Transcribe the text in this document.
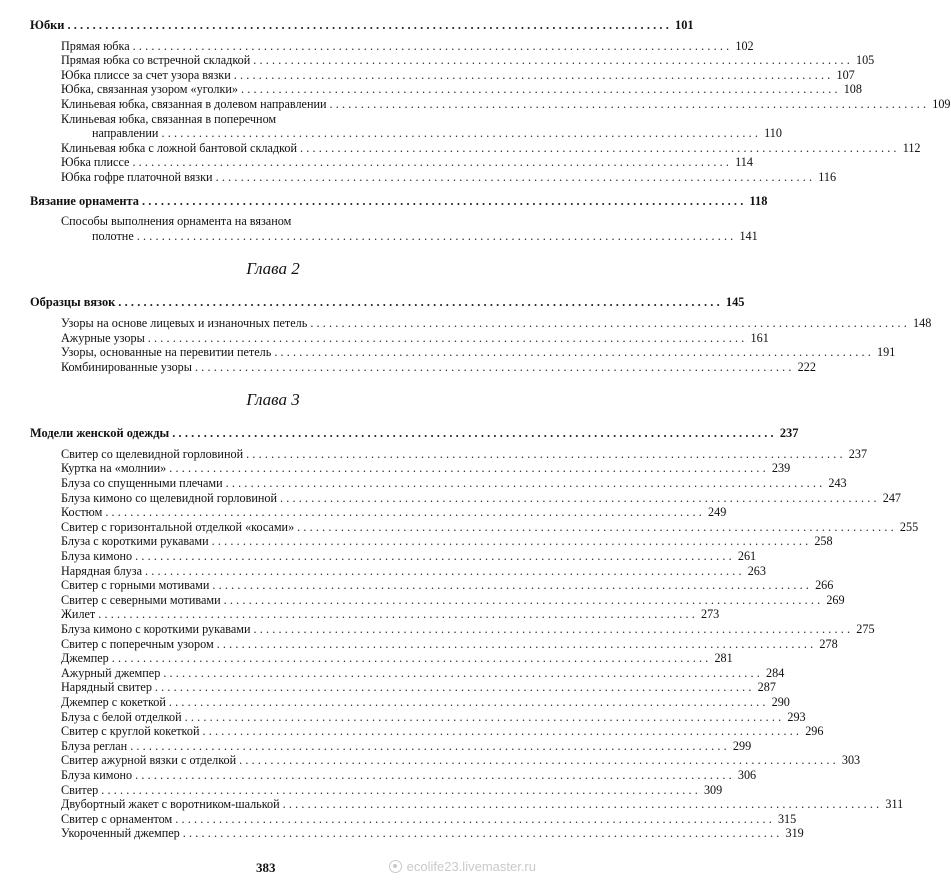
Юбки ................................................................................................ 101
Прямая юбка ................................................................................................ 102
Прямая юбка со встречной складкой ................................................................................................ 105
Юбка плиссе за счет узора вязки ................................................................................................ 107
Юбка, связанная узором «уголки» ................................................................................................ 108
Клиньевая юбка, связанная в долевом направлении ................................................................................................ 109
Клиньевая юбка, связанная в поперечном
направлении ................................................................................................ 110
Клиньевая юбка с ложной бантовой складкой ................................................................................................ 112
Юбка плиссе ................................................................................................ 114
Юбка гофре платочной вязки ................................................................................................ 116
Вязание орнамента ................................................................................................ 118
Способы выполнения орнамента на вязаном
полотне ................................................................................................ 141
Глава 2
Образцы вязок ................................................................................................ 145
Узоры на основе лицевых и изнаночных петель ................................................................................................ 148
Ажурные узоры ................................................................................................ 161
Узоры, основанные на перевитии петель ................................................................................................ 191
Комбинированные узоры ................................................................................................ 222
Глава 3
Модели женской одежды ................................................................................................ 237
Свитер со щелевидной горловиной ................................................................................................ 237
Куртка на «молнии» ................................................................................................ 239
Блуза со спущенными плечами ................................................................................................ 243
Блуза кимоно со щелевидной горловиной ................................................................................................ 247
Костюм ................................................................................................ 249
Свитер с горизонтальной отделкой «косами» ................................................................................................ 255
Блуза с короткими рукавами ................................................................................................ 258
Блуза кимоно ................................................................................................ 261
Нарядная блуза ................................................................................................ 263
Свитер с горными мотивами ................................................................................................ 266
Свитер с северными мотивами ................................................................................................ 269
Жилет ................................................................................................ 273
Блуза кимоно с короткими рукавами ................................................................................................ 275
Свитер с поперечным узором ................................................................................................ 278
Джемпер ................................................................................................ 281
Ажурный джемпер ................................................................................................ 284
Нарядный свитер ................................................................................................ 287
Джемпер с кокеткой ................................................................................................ 290
Блуза с белой отделкой ................................................................................................ 293
Свитер с круглой кокеткой ................................................................................................ 296
Блуза реглан ................................................................................................ 299
Свитер ажурной вязки с отделкой ................................................................................................ 303
Блуза кимоно ................................................................................................ 306
Свитер ................................................................................................ 309
Двубортный жакет с воротником-шалькой ................................................................................................ 311
Свитер с орнаментом ................................................................................................ 315
Укороченный джемпер ................................................................................................ 319
383	ecolife23.livemaster.ru
